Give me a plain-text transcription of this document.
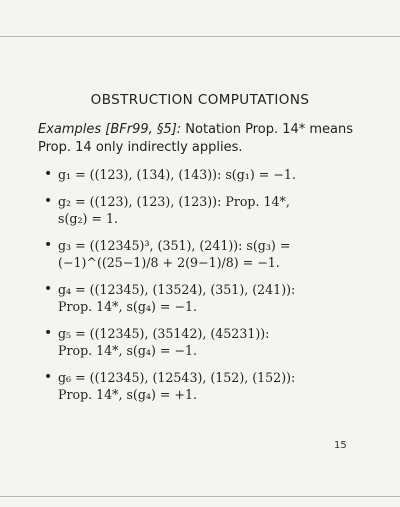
OBSTRUCTION COMPUTATIONS
Examples [BFr99, §5]: Notation Prop. 14* means Prop. 14 only indirectly applies.
• g₁ = ((123), (134), (143)): s(g₁) = −1.
• g₂ = ((123), (123), (123)): Prop. 14*,
s(g₂) = 1.
• g₃ = ((12345)³, (351), (241)): s(g₃) =
(−1)^((25−1)/8 + 2(9−1)/8) = −1.
• g₄ = ((12345), (13524), (351), (241)):
Prop. 14*, s(g₄) = −1.
• g₅ = ((12345), (35142), (45231)):
Prop. 14*, s(g₄) = −1.
• g₆ = ((12345), (12543), (152), (152)):
Prop. 14*, s(g₄) = +1.
15
